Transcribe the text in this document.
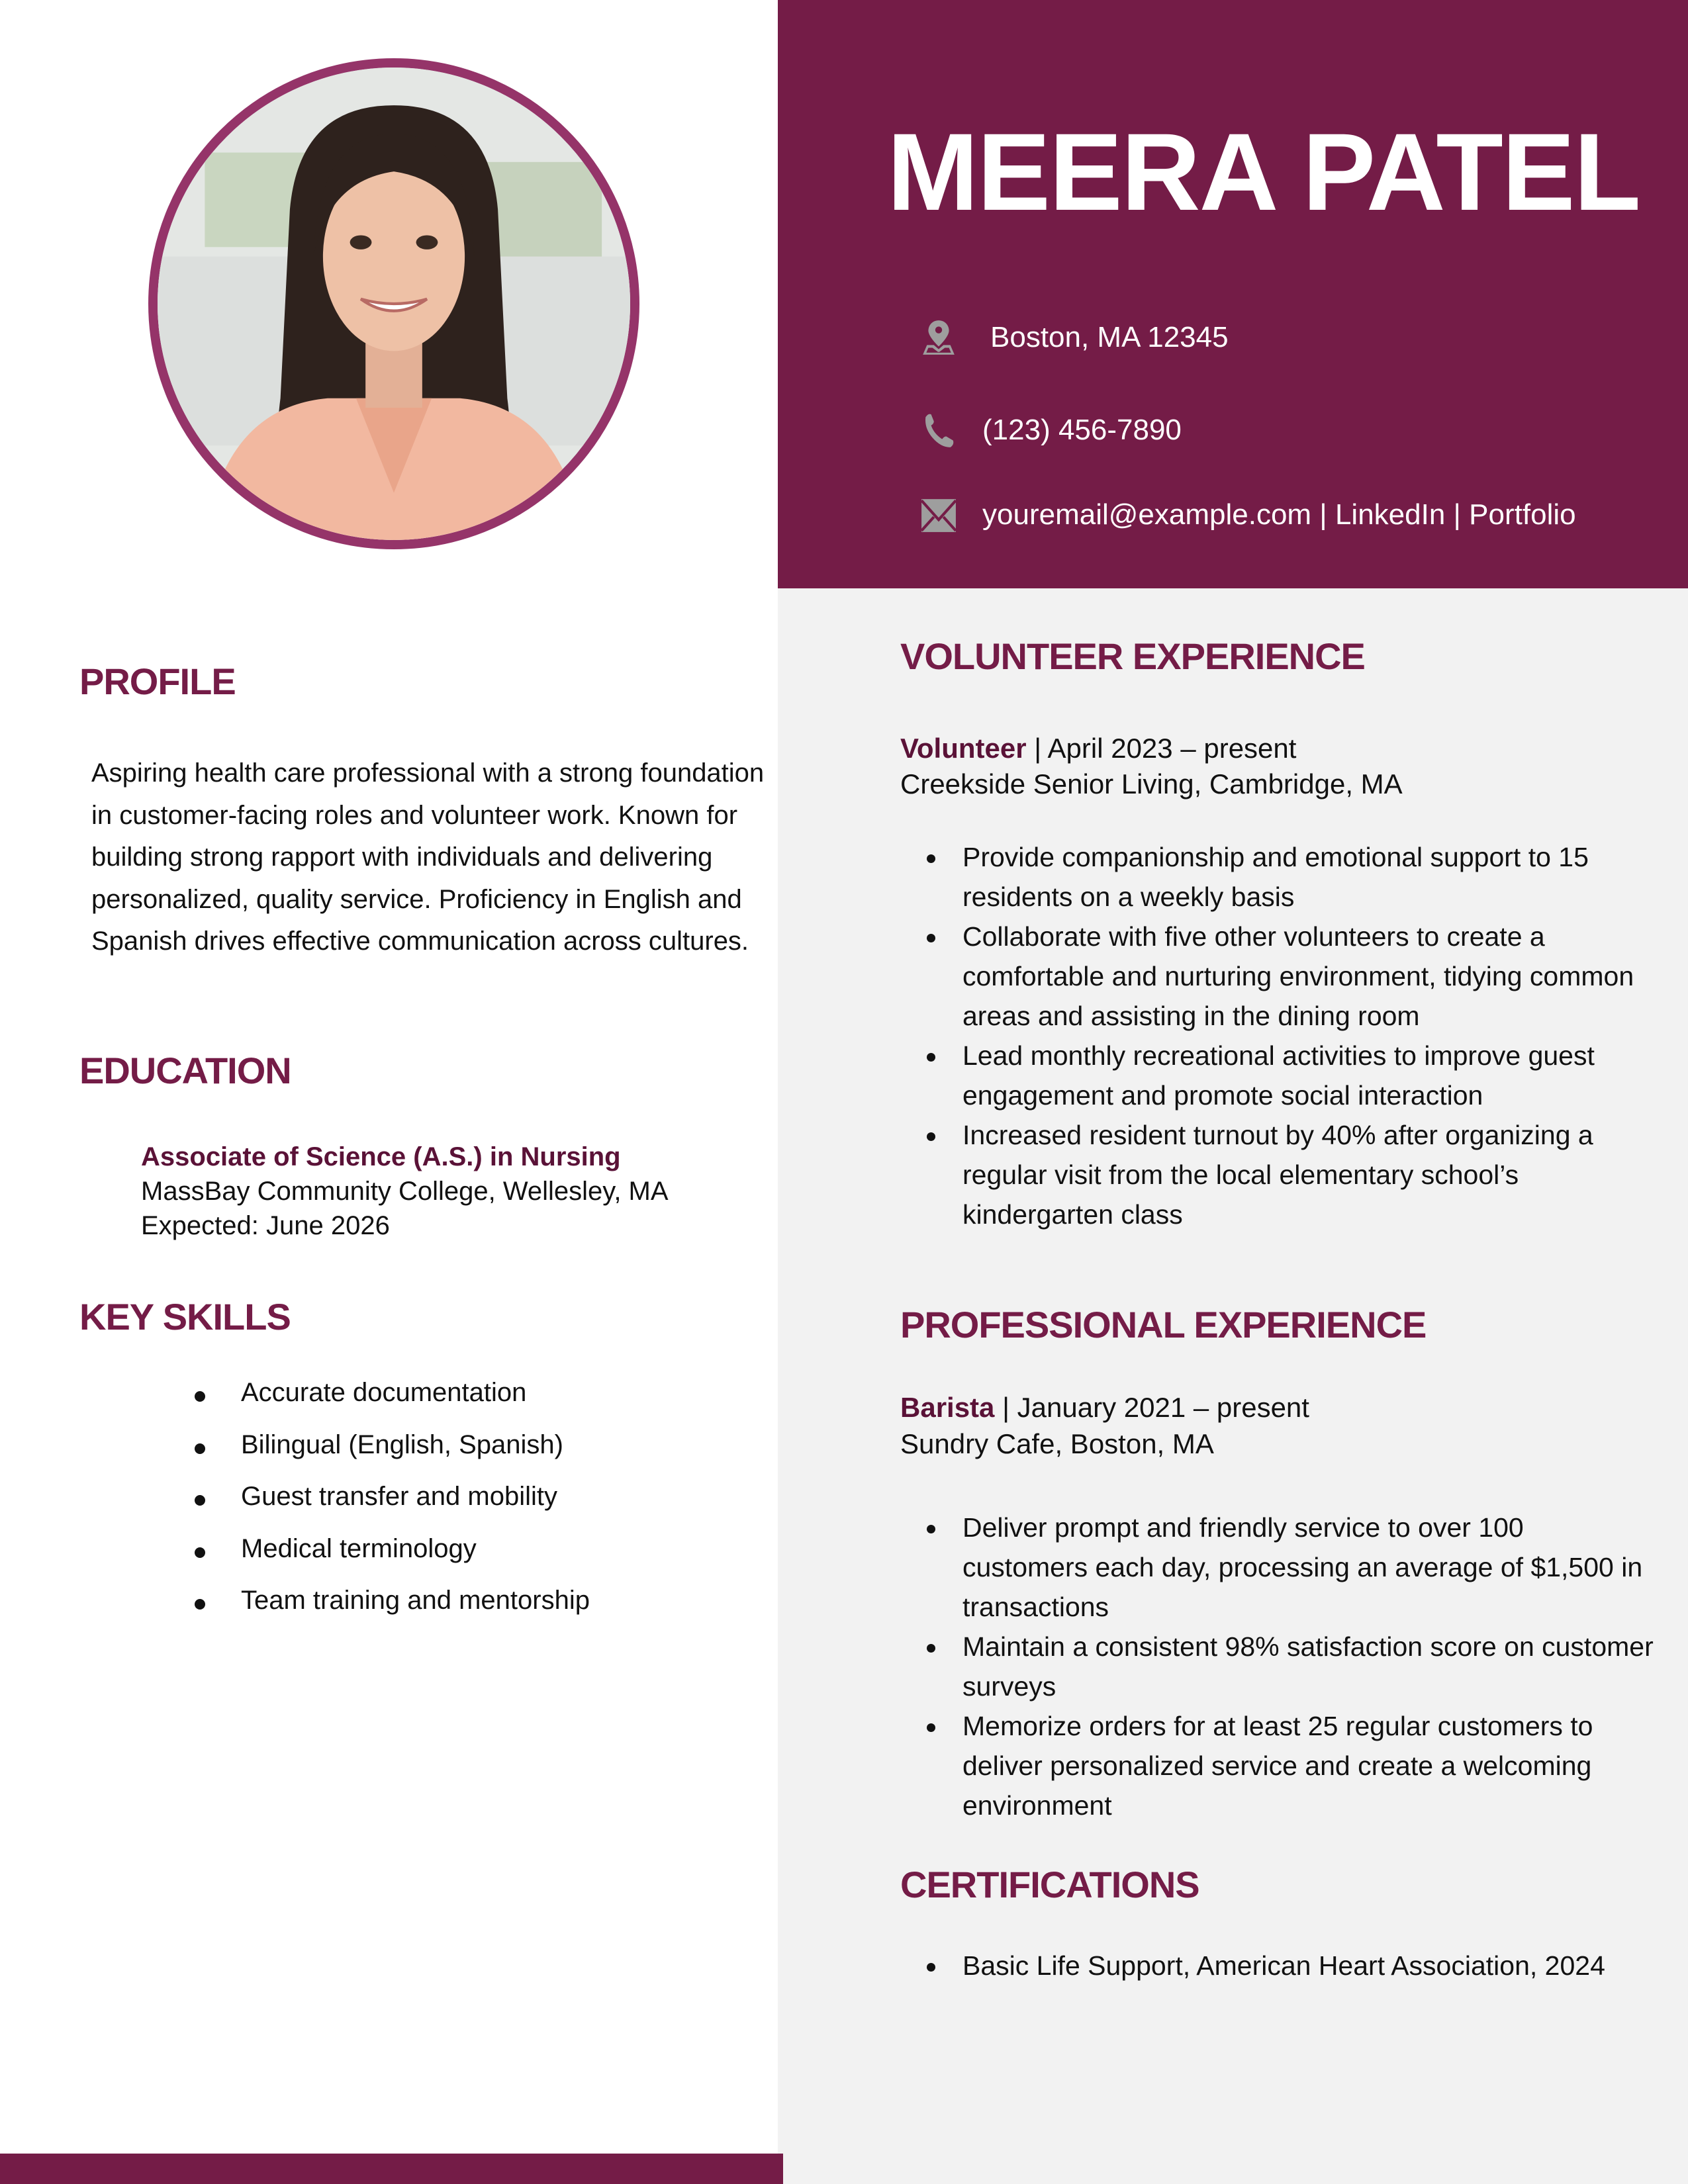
MEERA PATEL
Boston, MA 12345
(123) 456-7890
youremail@example.com | LinkedIn | Portfolio
PROFILE

Aspiring health care professional with a strong foundation in customer-facing roles and volunteer work. Known for building strong rapport with individuals and delivering personalized, quality service. Proficiency in English and Spanish drives effective communication across cultures.

EDUCATION
Associate of Science (A.S.) in Nursing
MassBay Community College, Wellesley, MA
Expected: June 2026
KEY SKILLS
Accurate documentation
Bilingual (English, Spanish)
Guest transfer and mobility
Medical terminology
Team training and mentorship
VOLUNTEER EXPERIENCE
Volunteer | April 2023 – present
Creekside Senior Living, Cambridge, MA
Provide companionship and emotional support to 15 residents on a weekly basis
Collaborate with five other volunteers to create a comfortable and nurturing environment, tidying common areas and assisting in the dining room
Lead monthly recreational activities to improve guest engagement and promote social interaction
Increased resident turnout by 40% after organizing a regular visit from the local elementary school’s kindergarten class
PROFESSIONAL EXPERIENCE
Barista | January 2021 – present
Sundry Cafe, Boston, MA
Deliver prompt and friendly service to over 100 customers each day, processing an average of $1,500 in transactions
Maintain a consistent 98% satisfaction score on customer surveys
Memorize orders for at least 25 regular customers to deliver personalized service and create a welcoming environment
CERTIFICATIONS
Basic Life Support, American Heart Association, 2024
